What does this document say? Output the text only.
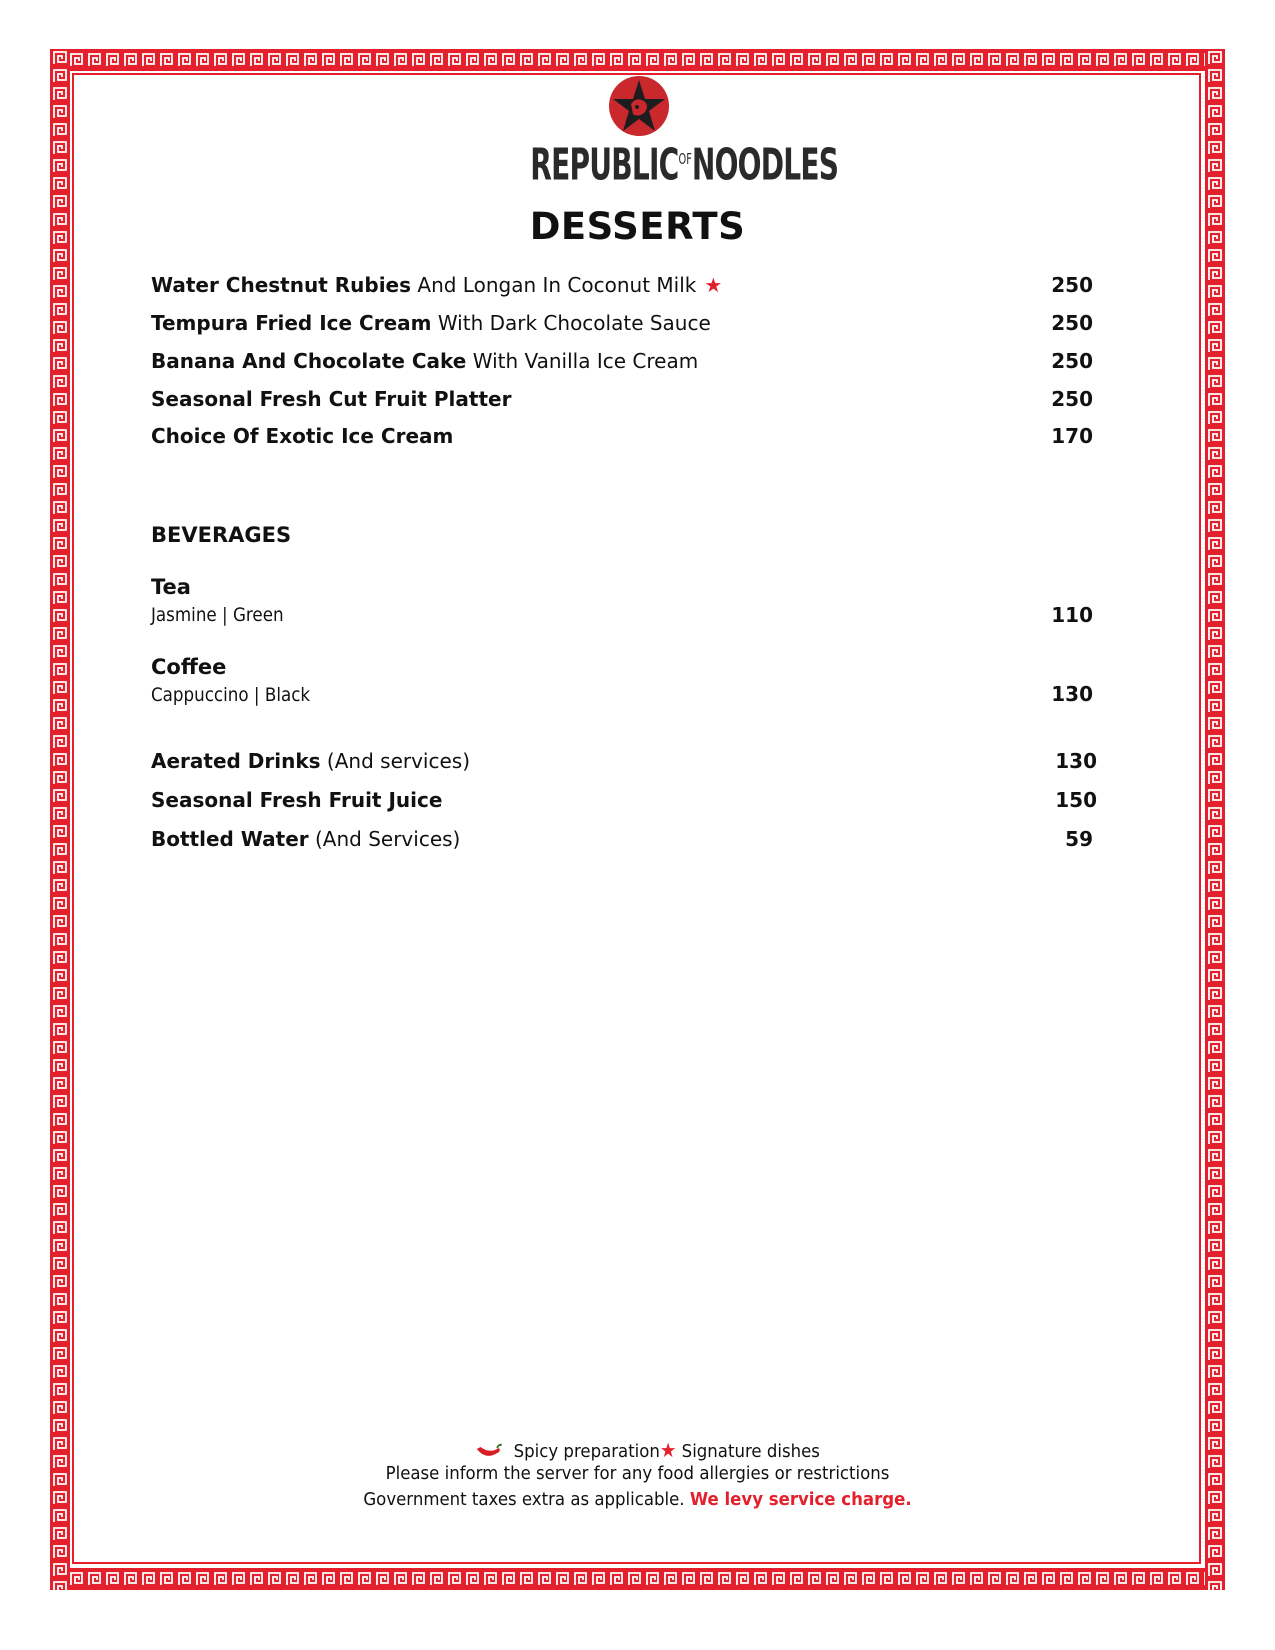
$REPUBLIC^{OF}NOODLES$
DESSERTS
Water Chestnut Rubies And Longan In Coconut Milk ★	250
Tempura Fried Ice Cream With Dark Chocolate Sauce	250
Banana And Chocolate Cake With Vanilla Ice Cream	250
Seasonal Fresh Cut Fruit Platter	250
Choice Of Exotic Ice Cream	170
BEVERAGES
Tea
Jasmine | Green	110
Coffee
Cappuccino | Black	130
Aerated Drinks (And services)	130
Seasonal Fresh Fruit Juice	150
Bottled Water (And Services)	59
Spicy preparation★ Signature dishes
Please inform the server for any food allergies or restrictions
Government taxes extra as applicable. We levy service charge.
